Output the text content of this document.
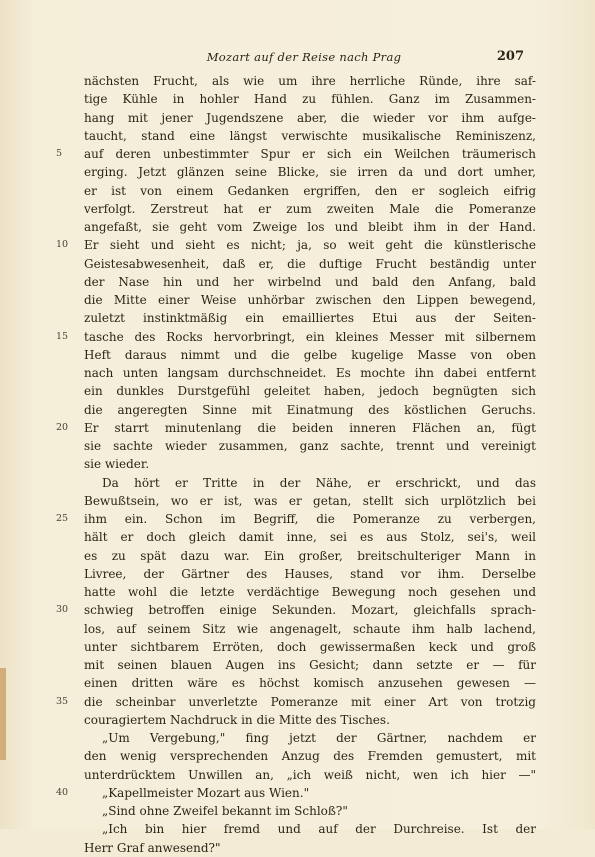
Mozart auf der Reise nach Prag	207
nächsten Frucht, als wie um ihre herrliche Ründe, ihre saf-
tige Kühle in hohler Hand zu fühlen. Ganz im Zusammen-
hang mit jener Jugendszene aber, die wieder vor ihm aufge-
taucht, stand eine längst verwischte musikalische Reminiszenz,
auf deren unbestimmter Spur er sich ein Weilchen träumerisch
5
erging. Jetzt glänzen seine Blicke, sie irren da und dort umher,
er ist von einem Gedanken ergriffen, den er sogleich eifrig
verfolgt. Zerstreut hat er zum zweiten Male die Pomeranze
angefaßt, sie geht vom Zweige los und bleibt ihm in der Hand.
Er sieht und sieht es nicht; ja, so weit geht die künstlerische
10
Geistesabwesenheit, daß er, die duftige Frucht beständig unter
der Nase hin und her wirbelnd und bald den Anfang, bald
die Mitte einer Weise unhörbar zwischen den Lippen bewegend,
zuletzt instinktmäßig ein emailliertes Etui aus der Seiten-
tasche des Rocks hervorbringt, ein kleines Messer mit silbernem
15
Heft daraus nimmt und die gelbe kugelige Masse von oben
nach unten langsam durchschneidet. Es mochte ihn dabei entfernt
ein dunkles Durstgefühl geleitet haben, jedoch begnügten sich
die angeregten Sinne mit Einatmung des köstlichen Geruchs.
Er starrt minutenlang die beiden inneren Flächen an, fügt
20
sie sachte wieder zusammen, ganz sachte, trennt und vereinigt
sie wieder.
Da hört er Tritte in der Nähe, er erschrickt, und das
Bewußtsein, wo er ist, was er getan, stellt sich urplötzlich bei
ihm ein. Schon im Begriff, die Pomeranze zu verbergen,
25
hält er doch gleich damit inne, sei es aus Stolz, sei's, weil
es zu spät dazu war. Ein großer, breitschulteriger Mann in
Livree, der Gärtner des Hauses, stand vor ihm. Derselbe
hatte wohl die letzte verdächtige Bewegung noch gesehen und
schwieg betroffen einige Sekunden. Mozart, gleichfalls sprach-
30
los, auf seinem Sitz wie angenagelt, schaute ihm halb lachend,
unter sichtbarem Erröten, doch gewissermaßen keck und groß
mit seinen blauen Augen ins Gesicht; dann setzte er — für
einen dritten wäre es höchst komisch anzusehen gewesen —
die scheinbar unverletzte Pomeranze mit einer Art von trotzig
35
couragiertem Nachdruck in die Mitte des Tisches.
„Um Vergebung," fing jetzt der Gärtner, nachdem er
den wenig versprechenden Anzug des Fremden gemustert, mit
unterdrücktem Unwillen an, „ich weiß nicht, wen ich hier —"
„Kapellmeister Mozart aus Wien."
40
„Sind ohne Zweifel bekannt im Schloß?"
„Ich bin hier fremd und auf der Durchreise. Ist der
Herr Graf anwesend?"
